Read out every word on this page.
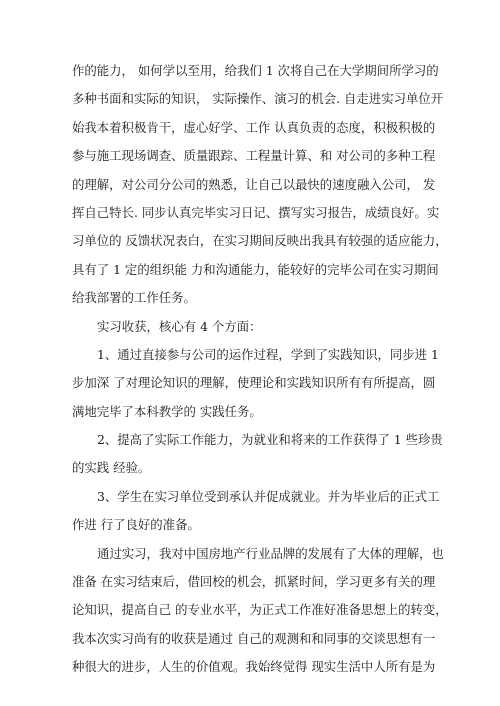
作的能力， 如何学以至用，给我们 1 次将自己在大学期间所学习的
多种书面和实际的知识， 实际操作、演习的机会. 自走进实习单位开
始我本着积极肯干，虚心好学、工作 认真负责的态度，积极积极的
参与施工现场调查、质量跟踪、工程量计算、和 对公司的多种工程
的理解，对公司分公司的熟悉，让自己以最快的速度融入公司， 发
挥自己特长. 同步认真完毕实习日记、撰写实习报告，成绩良好。实
习单位的 反馈状况表白，在实习期间反映出我具有较强的适应能力，
具有了 1 定的组织能 力和沟通能力，能较好的完毕公司在实习期间
给我部署的工作任务。
实习收获，核心有 4 个方面：
1、通过直接参与公司的运作过程，学到了实践知识，同步进 1
步加深 了对理论知识的理解，使理论和实践知识所有有所提高，圆
满地完毕了本科教学的 实践任务。
2、提高了实际工作能力，为就业和将来的工作获得了 1 些珍贵
的实践 经验。
3、学生在实习单位受到承认并促成就业。并为毕业后的正式工
作进 行了良好的准备。
通过实习，我对中国房地产行业品牌的发展有了大体的理解，也
准备 在实习结束后，借回校的机会，抓紧时间，学习更多有关的理
论知识，提高自己 的专业水平，为正式工作准好准备思想上的转变，
我本次实习尚有的收获是通过 自己的观测和和同事的交谈思想有一
种很大的进步，人生的价值观。我始终觉得 现实生活中人所有是为
